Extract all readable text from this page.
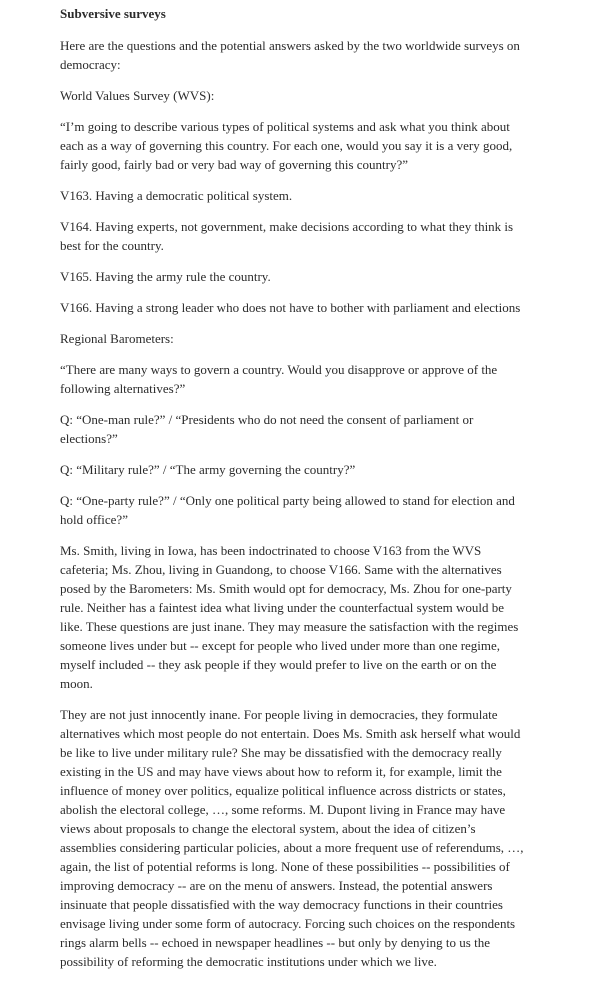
Subversive surveys

Here are the questions and the potential answers asked by the two worldwide surveys on democracy:

World Values Survey (WVS):

“I’m going to describe various types of political systems and ask what you think about each as a way of governing this country. For each one, would you say it is a very good, fairly good, fairly bad or very bad way of governing this country?”

V163. Having a democratic political system.

V164. Having experts, not government, make decisions according to what they think is best for the country.

V165. Having the army rule the country.

V166. Having a strong leader who does not have to bother with parliament and elections

Regional Barometers:

“There are many ways to govern a country. Would you disapprove or approve of the following alternatives?”

Q: “One-man rule?” / “Presidents who do not need the consent of parliament or elections?”

Q: “Military rule?” / “The army governing the country?”

Q: “One-party rule?” / “Only one political party being allowed to stand for election and hold office?”

Ms. Smith, living in Iowa, has been indoctrinated to choose V163 from the WVS cafeteria; Ms. Zhou, living in Guandong, to choose V166. Same with the alternatives posed by the Barometers: Ms. Smith would opt for democracy, Ms. Zhou for one-party rule. Neither has a faintest idea what living under the counterfactual system would be like. These questions are just inane. They may measure the satisfaction with the regimes someone lives under but -- except for people who lived under more than one regime, myself included -- they ask people if they would prefer to live on the earth or on the moon.

They are not just innocently inane. For people living in democracies, they formulate alternatives which most people do not entertain. Does Ms. Smith ask herself what would be like to live under military rule? She may be dissatisfied with the democracy really existing in the US and may have views about how to reform it, for example, limit the influence of money over politics, equalize political influence across districts or states, abolish the electoral college, …, some reforms. M. Dupont living in France may have views about proposals to change the electoral system, about the idea of citizen’s assemblies considering particular policies, about a more frequent use of referendums, …, again, the list of potential reforms is long. None of these possibilities -- possibilities of improving democracy -- are on the menu of answers. Instead, the potential answers insinuate that people dissatisfied with the way democracy functions in their countries envisage living under some form of autocracy. Forcing such choices on the respondents rings alarm bells -- echoed in newspaper headlines -- but only by denying to us the possibility of reforming the democratic institutions under which we live.
